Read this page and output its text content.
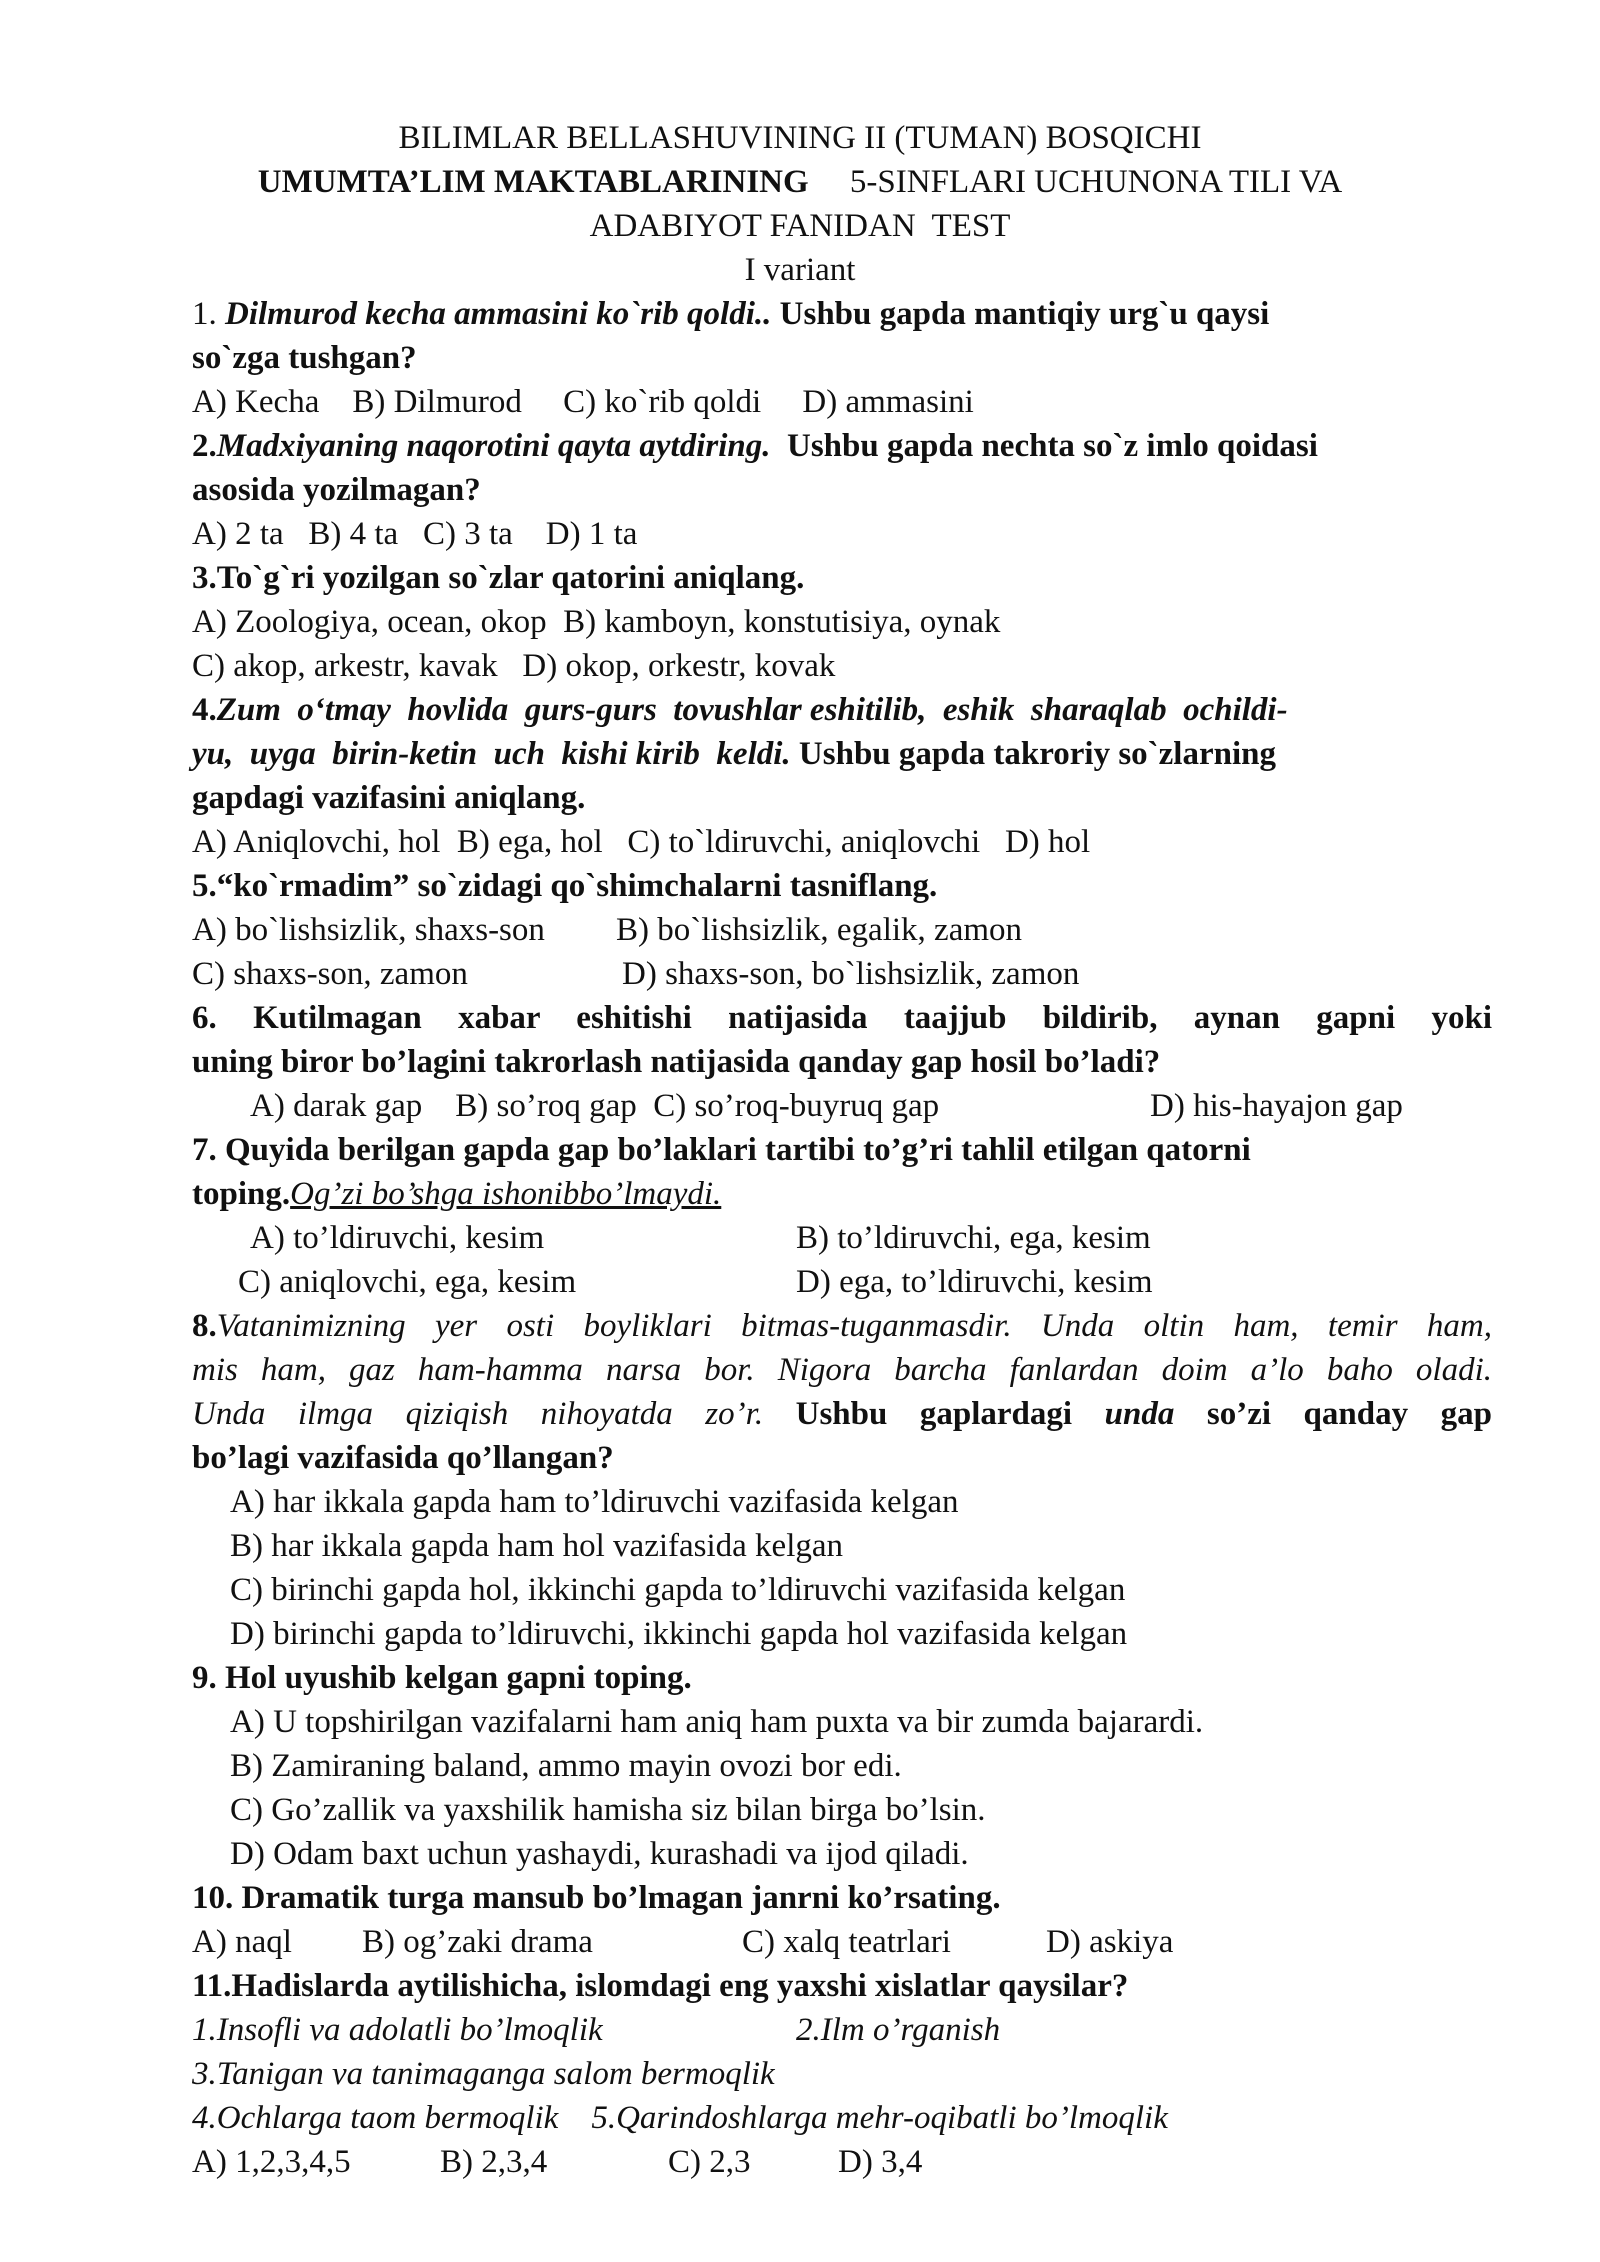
BILIMLAR BELLASHUVINING II (TUMAN) BOSQICHI
UMUMTA’LIM MAKTABLARINING 5-SINFLARI UCHUNONA TILI VA
ADABIYOT FANIDAN  TEST
I variant
1. Dilmurod kecha ammasini ko`rib qoldi.. Ushbu gapda mantiqiy urg`u qaysi
so`zga tushgan?
A) Kecha    B) Dilmurod     C) ko`rib qoldi     D) ammasini
2.Madxiyaning naqorotini qayta aytdiring.  Ushbu gapda nechta so`z imlo qoidasi
asosida yozilmagan?
A) 2 ta   B) 4 ta   C) 3 ta    D) 1 ta
3.To`g`ri yozilgan so`zlar qatorini aniqlang.
A) Zoologiya, ocean, okop  B) kamboyn, konstutisiya, oynak
C) akop, arkestr, kavak   D) okop, orkestr, kovak
4.Zum  o‘tmay  hovlida  gurs-gurs  tovushlar eshitilib,  eshik  sharaqlab  ochildi-
yu,  uyga  birin-ketin  uch  kishi kirib  keldi. Ushbu gapda takroriy so`zlarning
gapdagi vazifasini aniqlang.
A) Aniqlovchi, hol  B) ega, hol   C) to`ldiruvchi, aniqlovchi   D) hol
5.“ko`rmadim” so`zidagi qo`shimchalarni tasniflang.
A) bo`lishsizlik, shaxs-son B) bo`lishsizlik, egalik, zamon
C) shaxs-son, zamon	D) shaxs-son, bo`lishsizlik, zamon
6. Kutilmagan xabar eshitishi natijasida taajjub bildirib, aynan gapni yoki
uning biror bo’lagini takrorlash natijasida qanday gap hosil bo’ladi?
A) darak gap    B) so’roq gap  C) so’roq-buyruq gap	D) his-hayajon gap
7. Quyida berilgan gapda gap bo’laklari tartibi to’g’ri tahlil etilgan qatorni
toping.Og’zi bo’shga ishonibbo’lmaydi.
A) to’ldiruvchi, kesim	B) to’ldiruvchi, ega, kesim
C) aniqlovchi, ega, kesim	D) ega, to’ldiruvchi, kesim
8.Vatanimizning yer osti boyliklari bitmas-tuganmasdir. Unda oltin ham, temir ham,
mis ham, gaz ham-hamma narsa bor. Nigora barcha fanlardan doim a’lo baho oladi.
Unda ilmga qiziqish nihoyatda zo’r. Ushbu gaplardagi unda so’zi qanday gap
bo’lagi vazifasida qo’llangan?
A) har ikkala gapda ham to’ldiruvchi vazifasida kelgan
B) har ikkala gapda ham hol vazifasida kelgan
C) birinchi gapda hol, ikkinchi gapda to’ldiruvchi vazifasida kelgan
D) birinchi gapda to’ldiruvchi, ikkinchi gapda hol vazifasida kelgan
9. Hol uyushib kelgan gapni toping.
A) U topshirilgan vazifalarni ham aniq ham puxta va bir zumda bajarardi.
B) Zamiraning baland, ammo mayin ovozi bor edi.
C) Go’zallik va yaxshilik hamisha siz bilan birga bo’lsin.
D) Odam baxt uchun yashaydi, kurashadi va ijod qiladi.
10. Dramatik turga mansub bo’lmagan janrni ko’rsating.
A) naql B) og’zaki drama	C) xalq teatrlari	D) askiya
11.Hadislarda aytilishicha, islomdagi eng yaxshi xislatlar qaysilar?
1.Insofli va adolatli bo’lmoqlik	2.Ilm o’rganish
3.Tanigan va tanimaganga salom bermoqlik
4.Ochlarga taom bermoqlik    5.Qarindoshlarga mehr-oqibatli bo’lmoqlik
A) 1,2,3,4,5	B) 2,3,4	C) 2,3	D) 3,4
